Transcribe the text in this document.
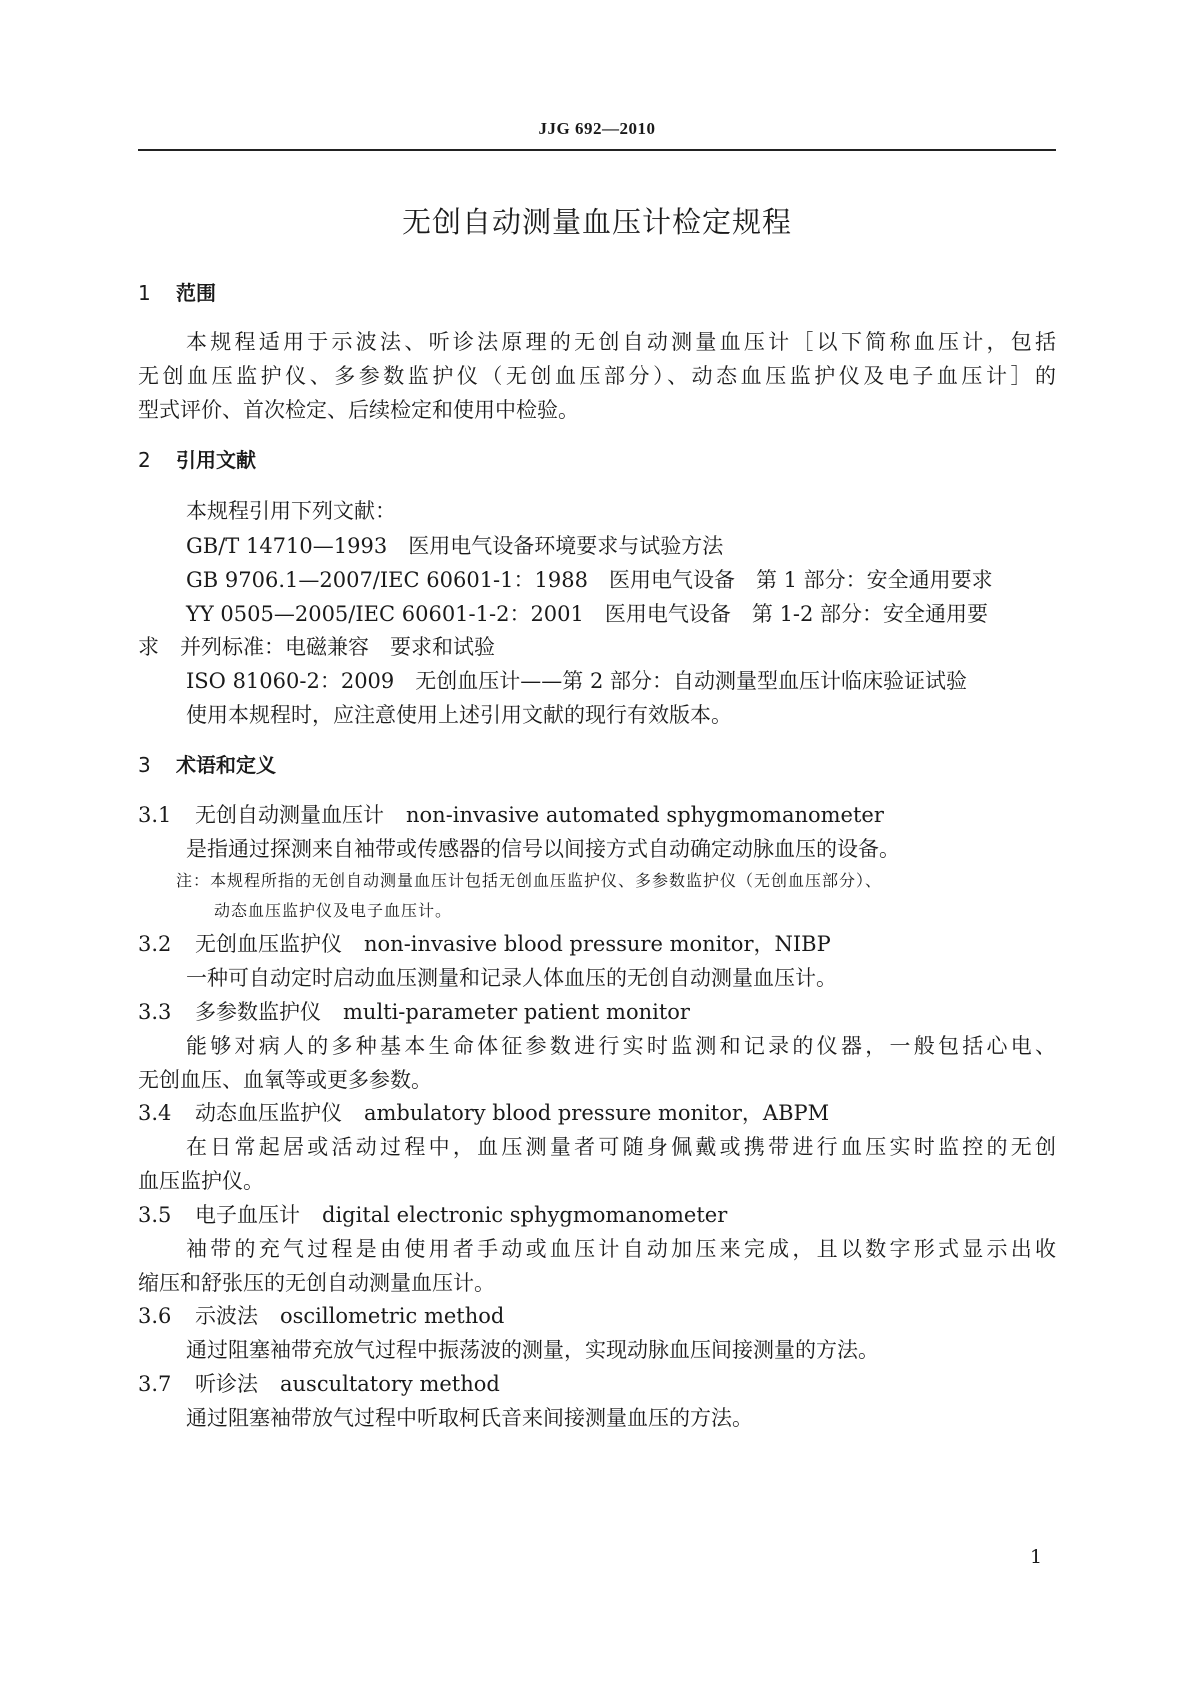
JJG 692—2010
无创自动测量血压计检定规程
1 范围
本规程适用于示波法、听诊法原理的无创自动测量血压计［以下简称血压计，包括
无创血压监护仪、多参数监护仪（无创血压部分）、动态血压监护仪及电子血压计］的
型式评价、首次检定、后续检定和使用中检验。
2 引用文献
本规程引用下列文献：
GB/T 14710—1993　医用电气设备环境要求与试验方法
GB 9706.1—2007/IEC 60601-1：1988　医用电气设备　第 1 部分：安全通用要求
YY 0505—2005/IEC 60601-1-2：2001　医用电气设备　第 1-2 部分：安全通用要
求　并列标准：电磁兼容　要求和试验
ISO 81060-2：2009　无创血压计——第 2 部分：自动测量型血压计临床验证试验
使用本规程时，应注意使用上述引用文献的现行有效版本。
3 术语和定义
3.1 无创自动测量血压计 non-invasive automated sphygmomanometer
是指通过探测来自袖带或传感器的信号以间接方式自动确定动脉血压的设备。
注：本规程所指的无创自动测量血压计包括无创血压监护仪、多参数监护仪（无创血压部分）、
动态血压监护仪及电子血压计。
3.2 无创血压监护仪 non-invasive blood pressure monitor，NIBP
一种可自动定时启动血压测量和记录人体血压的无创自动测量血压计。
3.3 多参数监护仪 multi-parameter patient monitor
能够对病人的多种基本生命体征参数进行实时监测和记录的仪器，一般包括心电、
无创血压、血氧等或更多参数。
3.4 动态血压监护仪 ambulatory blood pressure monitor，ABPM
在日常起居或活动过程中，血压测量者可随身佩戴或携带进行血压实时监控的无创
血压监护仪。
3.5 电子血压计 digital electronic sphygmomanometer
袖带的充气过程是由使用者手动或血压计自动加压来完成，且以数字形式显示出收
缩压和舒张压的无创自动测量血压计。
3.6 示波法 oscillometric method
通过阻塞袖带充放气过程中振荡波的测量，实现动脉血压间接测量的方法。
3.7 听诊法 auscultatory method
通过阻塞袖带放气过程中听取柯氏音来间接测量血压的方法。
1
